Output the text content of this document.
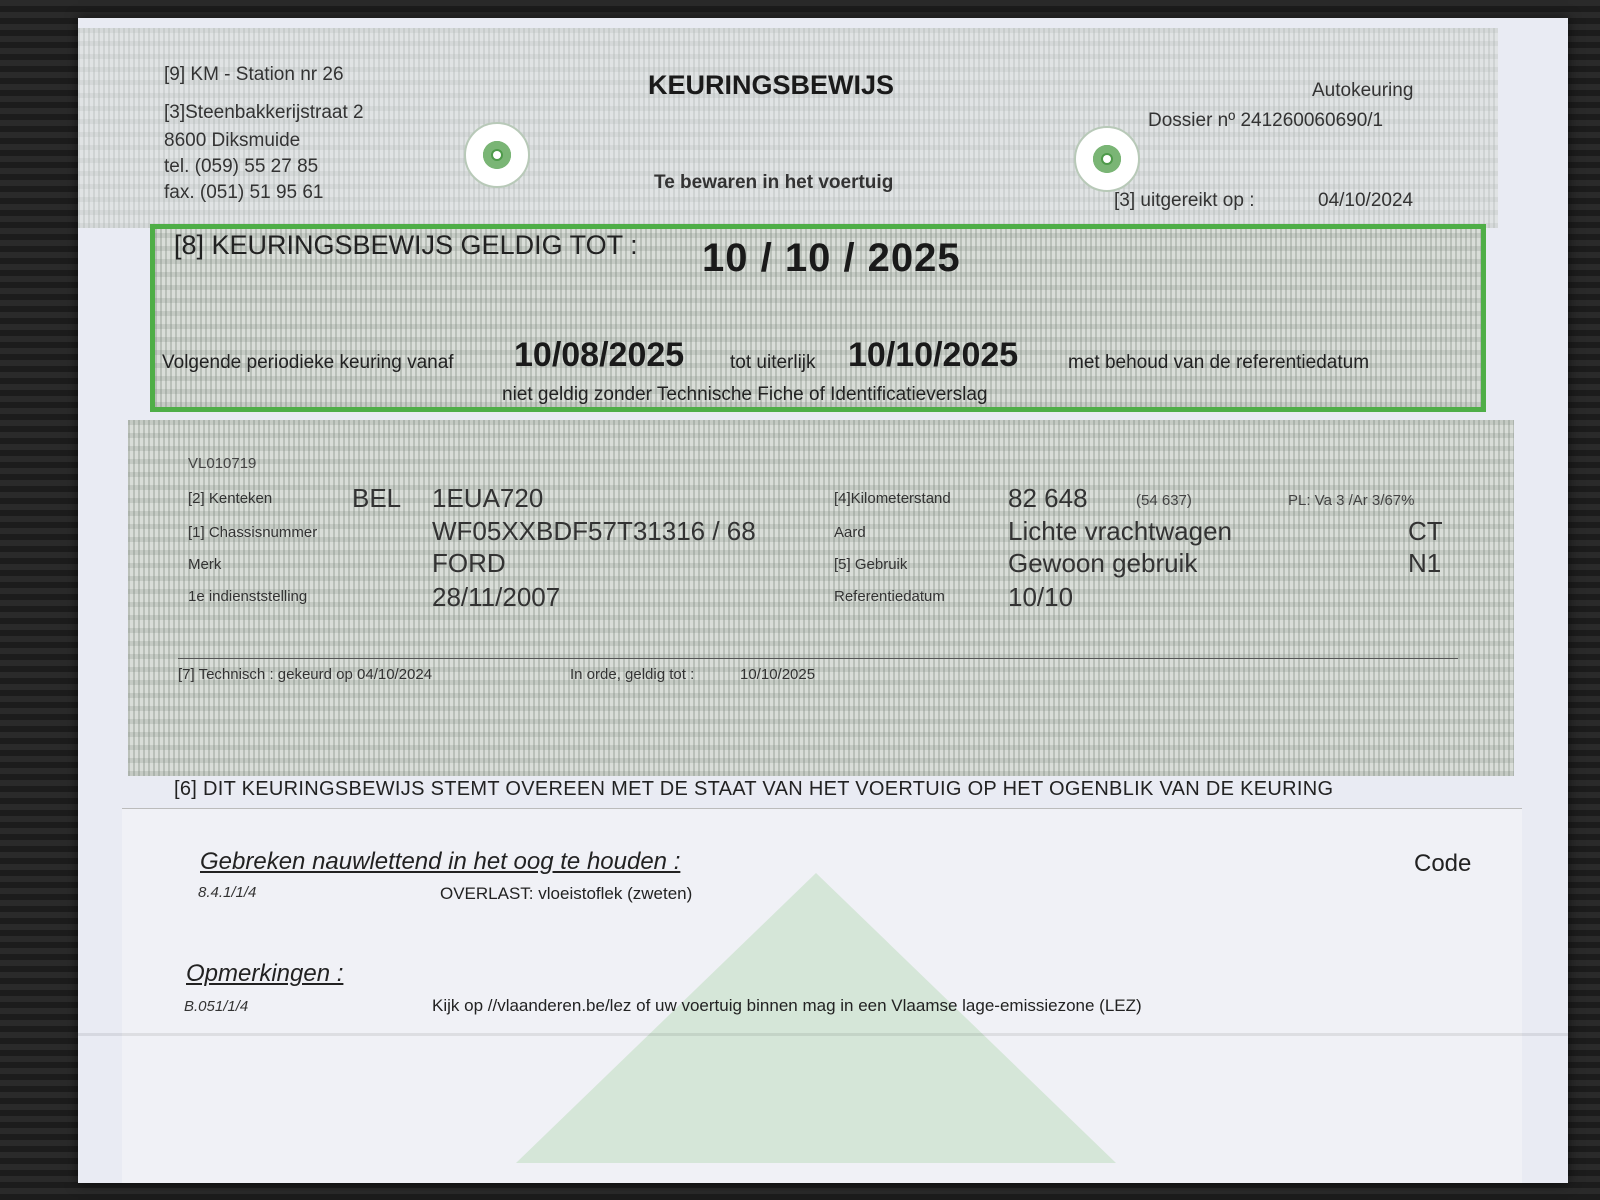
[9] KM - Station nr 26
[3]Steenbakkerijstraat 2
8600 Diksmuide
tel. (059) 55 27 85
fax. (051) 51 95 61
KEURINGSBEWIJS
Te bewaren in het voertuig
Autokeuring
Dossier nº 241260060690/1
[3] uitgereikt op :	04/10/2024
[8] KEURINGSBEWIJS GELDIG TOT : 10 / 10 / 2025
Volgende periodieke keuring vanaf 10/08/2025 tot uiterlijk 10/10/2025	met behoud van de referentiedatum
niet geldig zonder Technische Fiche of Identificatieverslag
VL010719
[2] Kenteken	BEL 1EUA720
[1] Chassisnummer	WF05XXBDF57T31316 / 68
Merk	FORD
1e indienststelling	28/11/2007
[4]Kilometerstand 82 648	(54 637)	PL: Va 3 /Ar 3/67%
Aard	Lichte vrachtwagen	CT
[5] Gebruik	Gewoon gebruik	N1
Referentiedatum 10/10
[7] Technisch : gekeurd op 04/10/2024	In orde, geldig tot :	10/10/2025
[6] DIT KEURINGSBEWIJS STEMT OVEREEN MET DE STAAT VAN HET VOERTUIG OP HET OGENBLIK VAN DE KEURING
Gebreken nauwlettend in het oog te houden :	Code
8.4.1/1/4	OVERLAST: vloeistoflek (zweten)
Opmerkingen :
B.051/1/4	Kijk op //vlaanderen.be/lez of uw voertuig binnen mag in een Vlaamse lage-emissiezone (LEZ)
